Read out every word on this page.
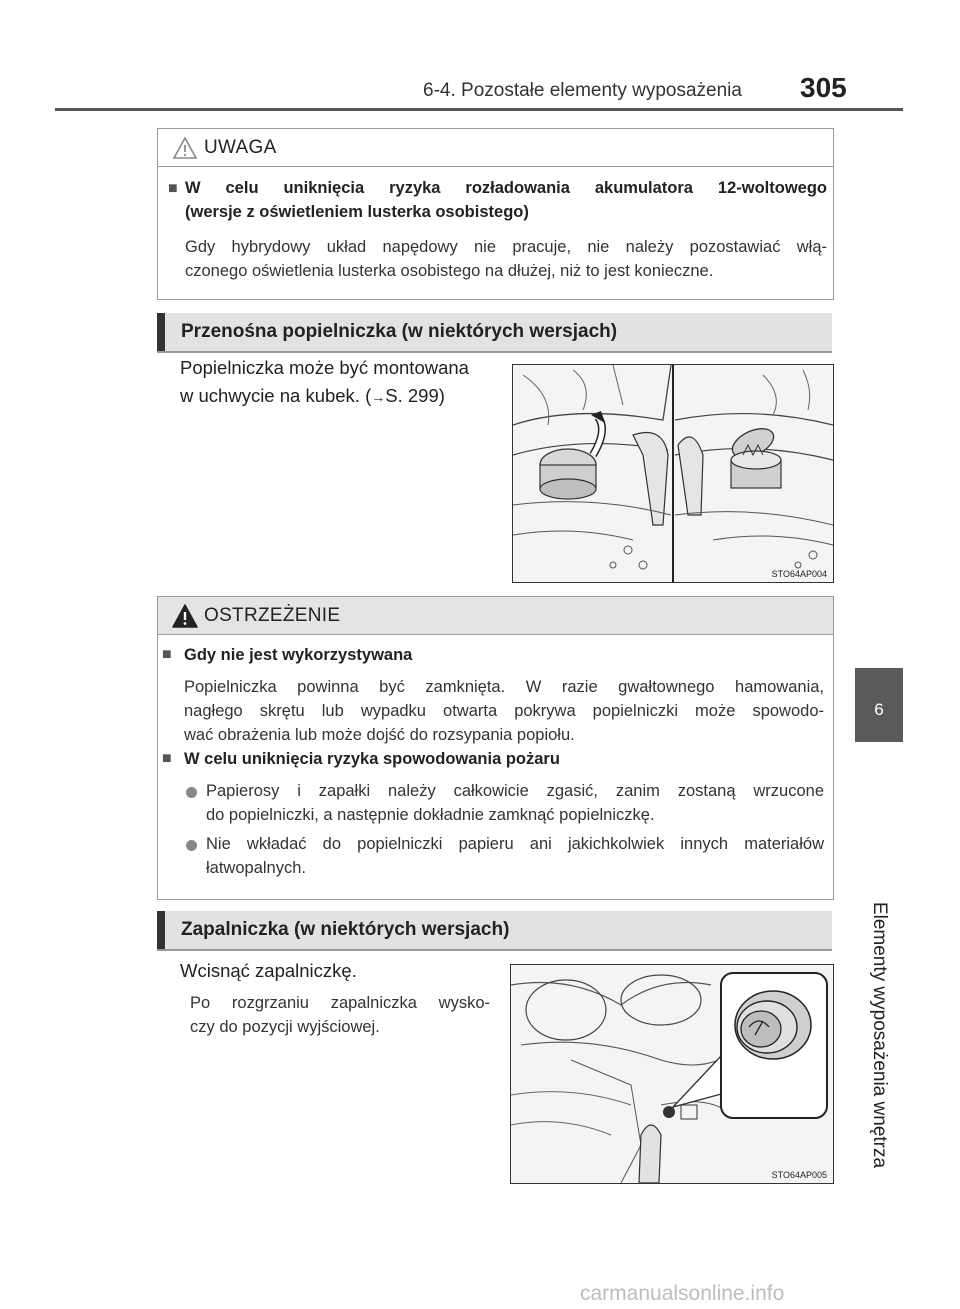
6-4. Pozostałe elementy wyposażenia 305
6
Elementy wyposażenia wnętrza
UWAGA
■ W celu uniknięcia ryzyka rozładowania akumulatora 12-woltowego
(wersje z oświetleniem lusterka osobistego)
Gdy hybrydowy układ napędowy nie pracuje, nie należy pozostawiać włą-
czonego oświetlenia lusterka osobistego na dłużej, niż to jest konieczne.
Przenośna popielniczka (w niektórych wersjach)
Popielniczka może być montowana
w uchwycie na kubek. (→S. 299)
STO64AP004
OSTRZEŻENIE
■ Gdy nie jest wykorzystywana
Popielniczka powinna być zamknięta. W razie gwałtownego hamowania,
nagłego skrętu lub wypadku otwarta pokrywa popielniczki może spowodo-
wać obrażenia lub może dojść do rozsypania popiołu.
■ W celu uniknięcia ryzyka spowodowania pożaru
Papierosy i zapałki należy całkowicie zgasić, zanim zostaną wrzucone
do popielniczki, a następnie dokładnie zamknąć popielniczkę.
Nie wkładać do popielniczki papieru ani jakichkolwiek innych materiałów
łatwopalnych.
Zapalniczka (w niektórych wersjach)
Wcisnąć zapalniczkę.
Po rozgrzaniu zapalniczka wysko-
czy do pozycji wyjściowej.
STO64AP005
carmanualsonline.info
